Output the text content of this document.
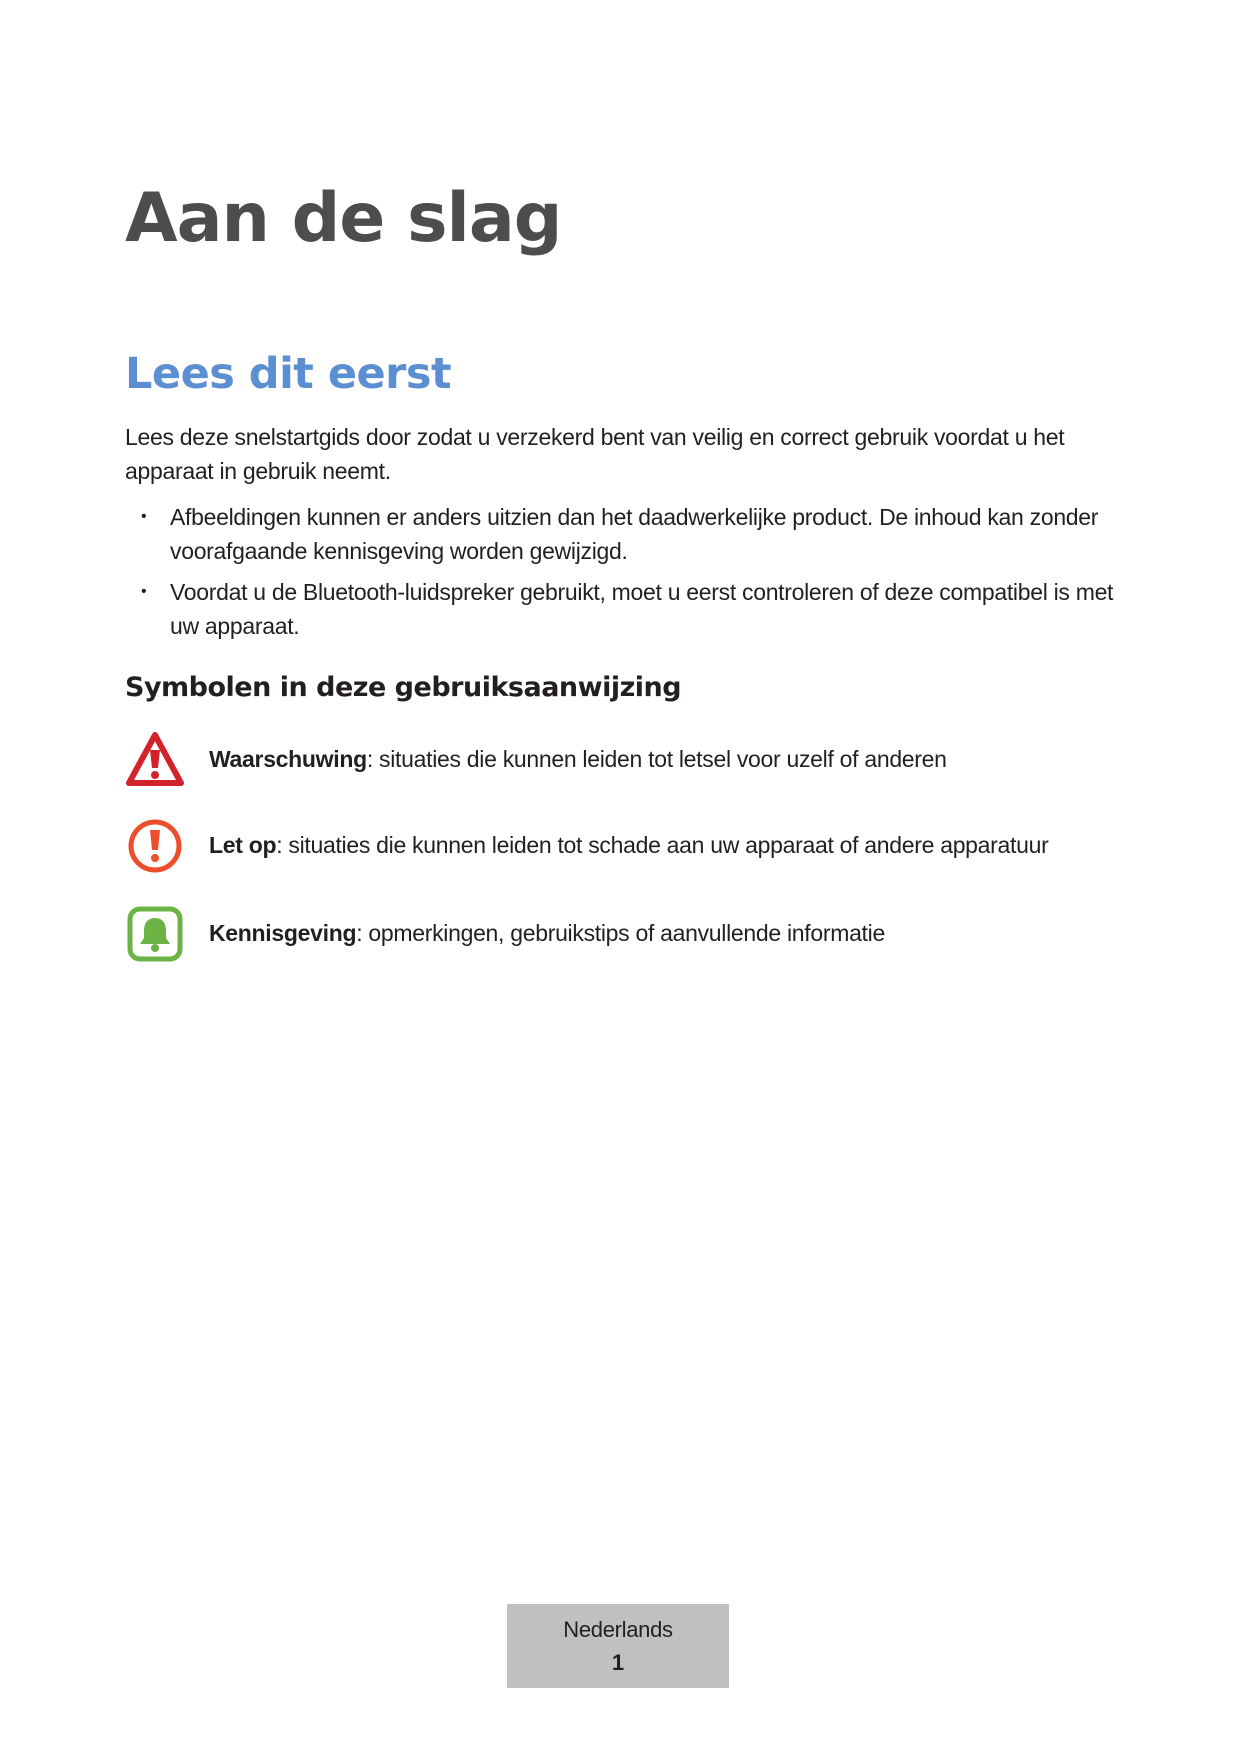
Aan de slag
Lees dit eerst

Lees deze snelstartgids door zodat u verzekerd bent van veilig en correct gebruik voordat u het apparaat in gebruik neemt.

• Afbeeldingen kunnen er anders uitzien dan het daadwerkelijke product. De inhoud kan zonder voorafgaande kennisgeving worden gewijzigd.
• Voordat u de Bluetooth-luidspreker gebruikt, moet u eerst controleren of deze compatibel is met uw apparaat.
Symbolen in deze gebruiksaanwijzing
Waarschuwing: situaties die kunnen leiden tot letsel voor uzelf of anderen
Let op: situaties die kunnen leiden tot schade aan uw apparaat of andere apparatuur
Kennisgeving: opmerkingen, gebruikstips of aanvullende informatie
Nederlands
1
